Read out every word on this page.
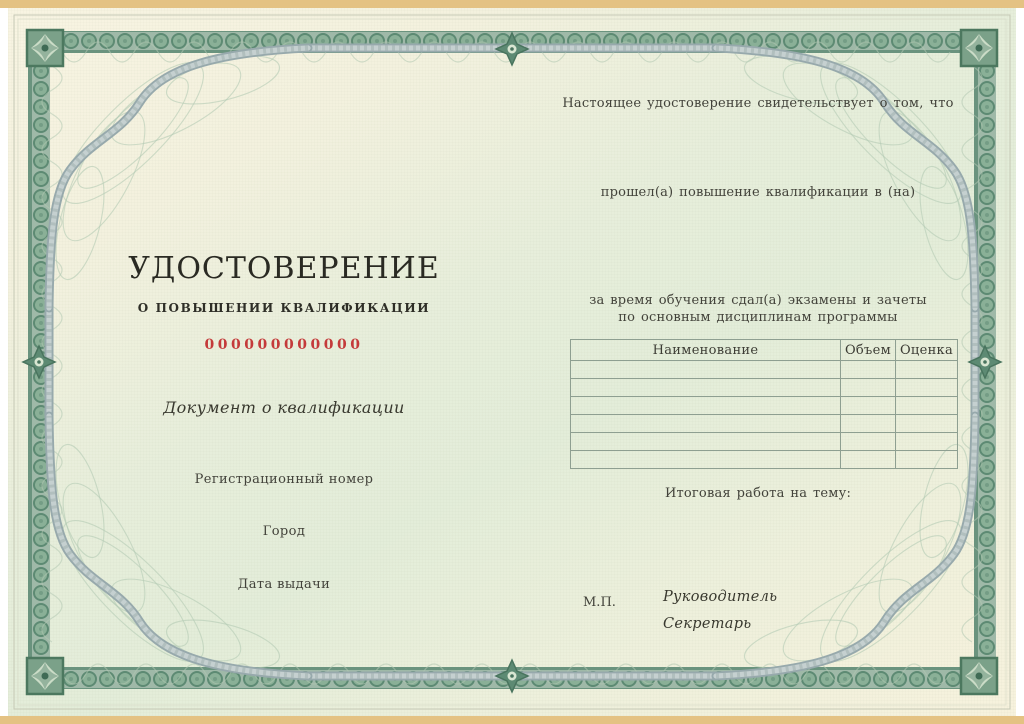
УДОСТОВЕРЕНИЕ
О ПОВЫШЕНИИ КВАЛИФИКАЦИИ
000000000000
Документ о квалификации
Регистрационный номер
Город
Дата выдачи
Настоящее удостоверение свидетельствует о том, что
прошел(а) повышение квалификации в (на)
за время обучения сдал(а) экзамены и зачеты
по основным дисциплинам программы
Наименование	Объем	Оценка

Итоговая работа на тему:
М.П.	Руководитель
Секретарь
